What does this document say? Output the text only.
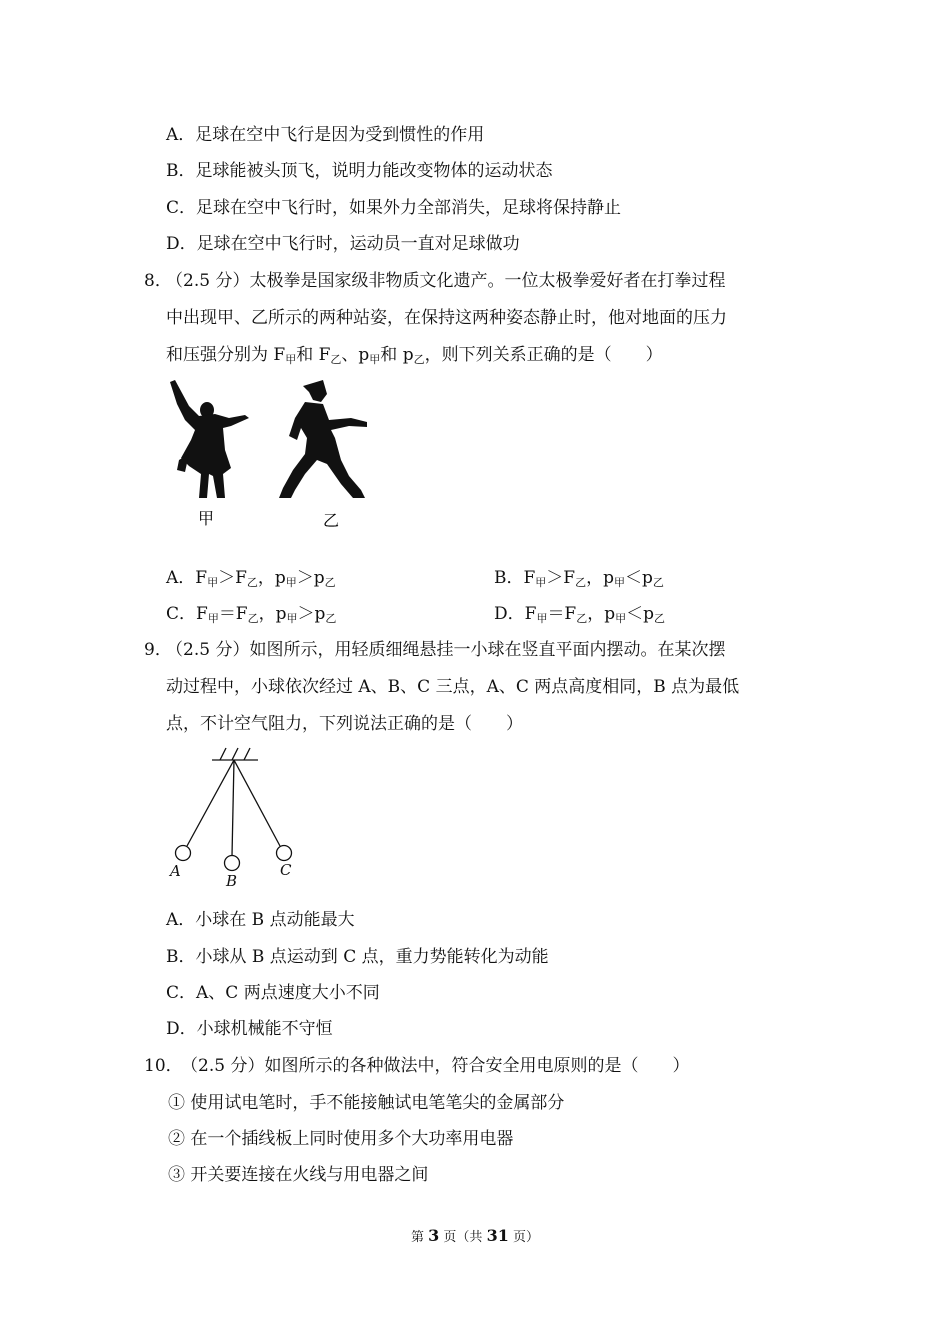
A．足球在空中飞行是因为受到惯性的作用
B．足球能被头顶飞，说明力能改变物体的运动状态
C．足球在空中飞行时，如果外力全部消失，足球将保持静止
D．足球在空中飞行时，运动员一直对足球做功
8．
（2.5 分）太极拳是国家级非物质文化遗产。一位太极拳爱好者在打拳过程
中出现甲、乙所示的两种站姿，在保持这两种姿态静止时，他对地面的压力
和压强分别为 $F_甲$和 $F_乙$、$p_甲$和 $p_乙$，则下列关系正确的是（　　）
甲	乙
A．$F_甲>F_乙$，$p_甲>p_乙$	B．$F_甲>F_乙$，$p_甲<p_乙$
C．$F_甲=F_乙$，$p_甲>p_乙$	D．$F_甲=F_乙$，$p_甲<p_乙$
9．
（2.5 分）如图所示，用轻质细绳悬挂一小球在竖直平面内摆动。在某次摆
动过程中，小球依次经过 A、B、C 三点，A、C 两点高度相同，B 点为最低
点，不计空气阻力，下列说法正确的是（　　）
A
B
C
A．小球在 B 点动能最大
B．小球从 B 点运动到 C 点，重力势能转化为动能
C．A、C 两点速度大小不同
D．小球机械能不守恒
10．
（2.5 分）如图所示的各种做法中，符合安全用电原则的是（　　）
① 使用试电笔时，手不能接触试电笔笔尖的金属部分
② 在一个插线板上同时使用多个大功率用电器
③ 开关要连接在火线与用电器之间
第 3 页（共 31 页）
